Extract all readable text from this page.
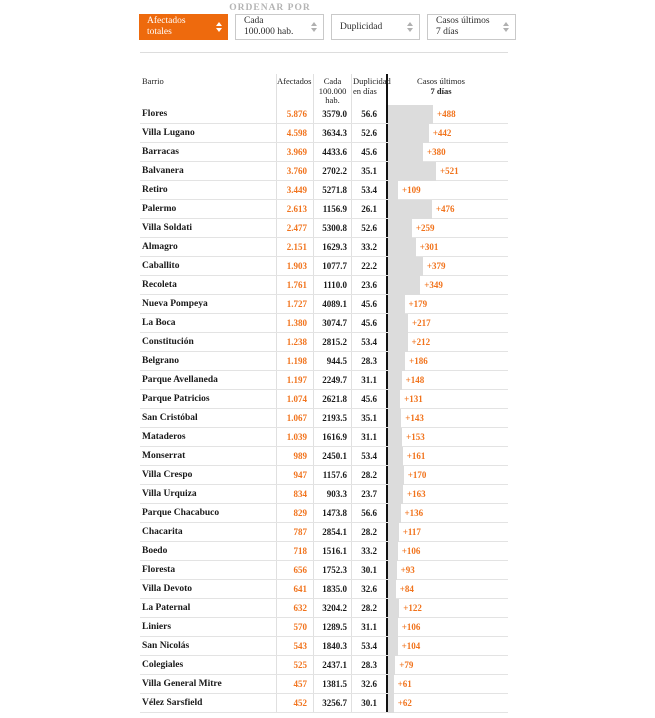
ORDENAR POR
Afectados
totales
Cada
100.000 hab.
Duplicidad
Casos últimos
7 días
Barrio	Afectados	Cada
100.000
hab.
Duplicidad
en días
Casos últimos
7 días
Flores	5.876 3579.0 56.6	+488
Villa Lugano	4.598 3634.3 52.6	+442
Barracas	3.969 4433.6 45.6	+380
Balvanera	3.760 2702.2 35.1	+521
Retiro	3.449 5271.8 53.4	+109
Palermo	2.613 1156.9 26.1	+476
Villa Soldati	2.477 5300.8 52.6	+259
Almagro	2.151 1629.3 33.2	+301
Caballito	1.903 1077.7 22.2	+379
Recoleta	1.761 1110.0 23.6	+349
Nueva Pompeya	1.727 4089.1 45.6	+179
La Boca	1.380 3074.7 45.6	+217
Constitución	1.238 2815.2 53.4	+212
Belgrano	1.198 944.5 28.3	+186
Parque Avellaneda	1.197 2249.7 31.1	+148
Parque Patricios	1.074 2621.8 45.6	+131
San Cristóbal	1.067 2193.5 35.1	+143
Mataderos	1.039 1616.9 31.1	+153
Monserrat	989 2450.1 53.4	+161
Villa Crespo	947 1157.6 28.2	+170
Villa Urquiza	834 903.3 23.7	+163
Parque Chacabuco	829 1473.8 56.6	+136
Chacarita	787 2854.1 28.2	+117
Boedo	718 1516.1 33.2	+106
Floresta	656 1752.3 30.1	+93
Villa Devoto	641 1835.0 32.6	+84
La Paternal	632 3204.2 28.2	+122
Liniers	570 1289.5 31.1	+106
San Nicolás	543 1840.3 53.4	+104
Colegiales	525 2437.1 28.3 +79
Villa General Mitre	457 1381.5 32.6 +61
Vélez Sarsfield	452 3256.7 30.1 +62
